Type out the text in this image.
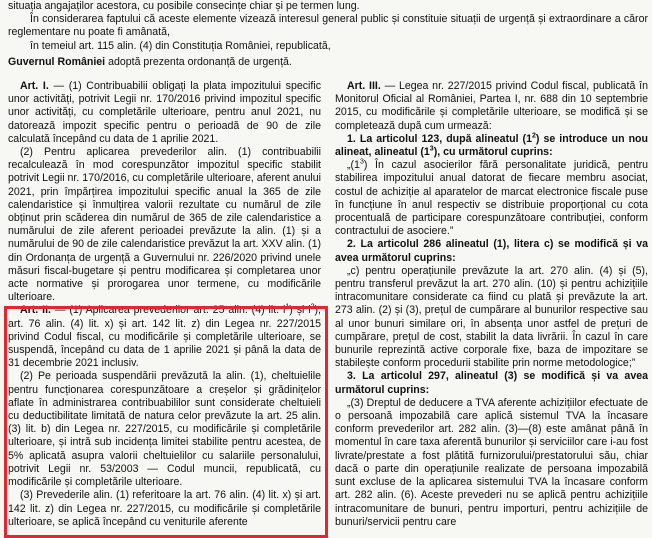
situația angajaților acestora, cu posibile consecințe chiar și pe termen lung.

În considerarea faptului că aceste elemente vizează interesul general public și constituie situații de urgență și extraordinare a căror reglementare nu poate fi amânată,

în temeiul art. 115 alin. (4) din Constituția României, republicată,

Guvernul României adoptă prezenta ordonanță de urgență.

Art. I. — (1) Contribuabilii obligați la plata impozitului specific unor activități, potrivit Legii nr. 170/2016 privind impozitul specific unor activități, cu completările ulterioare, pentru anul 2021, nu datorează impozit specific pentru o perioadă de 90 de zile calculată începând cu data de 1 aprilie 2021.

(2) Pentru aplicarea prevederilor alin. (1) contribuabilii recalculează în mod corespunzător impozitul specific stabilit potrivit Legii nr. 170/2016, cu completările ulterioare, aferent anului 2021, prin împărțirea impozitului specific anual la 365 de zile calendaristice și înmulțirea valorii rezultate cu numărul de zile obținut prin scăderea din numărul de 365 de zile calendaristice a numărului de zile aferent perioadei prevăzute la alin. (1) și a numărului de 90 de zile calendaristice prevăzut la art. XXV alin. (1) din Ordonanța de urgență a Guvernului nr. 226/2020 privind unele măsuri fiscal-bugetare și pentru modificarea și completarea unor acte normative și prorogarea unor termene, cu modificările ulterioare.

Art. II. — (1) Aplicarea prevederilor art. 25 alin. (4) lit. $i^1$) și $i^2$), art. 76 alin. (4) lit. x) și art. 142 lit. z) din Legea nr. 227/2015 privind Codul fiscal, cu modificările și completările ulterioare, se suspendă, începând cu data de 1 aprilie 2021 și până la data de 31 decembrie 2021 inclusiv.

(2) Pe perioada suspendării prevăzută la alin. (1), cheltuielile pentru funcționarea corespunzătoare a creșelor și grădinițelor aflate în administrarea contribuabililor sunt considerate cheltuieli cu deductibilitate limitată de natura celor prevăzute la art. 25 alin. (3) lit. b) din Legea nr. 227/2015, cu modificările și completările ulterioare, și intră sub incidența limitei stabilite pentru acestea, de 5% aplicată asupra valorii cheltuielilor cu salariile personalului, potrivit Legii nr. 53/2003 — Codul muncii, republicată, cu modificările și completările ulterioare.

(3) Prevederile alin. (1) referitoare la art. 76 alin. (4) lit. x) și art. 142 lit. z) din Legea nr. 227/2015, cu modificările și completările ulterioare, se aplică începând cu veniturile aferente

Art. III. — Legea nr. 227/2015 privind Codul fiscal, publicată în Monitorul Oficial al României, Partea I, nr. 688 din 10 septembrie 2015, cu modificările și completările ulterioare, se modifică și se completează după cum urmează:

1. La articolul 123, după alineatul $(1^2)$ se introduce un nou alineat, alineatul $(1^3)$, cu următorul cuprins:

$„(1^3)$ În cazul asocierilor fără personalitate juridică, pentru stabilirea impozitului anual datorat de fiecare membru asociat, costul de achiziție al aparatelor de marcat electronice fiscale puse în funcțiune în anul respectiv se distribuie proporțional cu cota procentuală de participare corespunzătoare contribuției, conform contractului de asociere.”

2. La articolul 286 alineatul (1), litera c) se modifică și va avea următorul cuprins:

„c) pentru operațiunile prevăzute la art. 270 alin. (4) și (5), pentru transferul prevăzut la art. 270 alin. (10) și pentru achizițiile intracomunitare considerate ca fiind cu plată și prevăzute la art. 273 alin. (2) și (3), prețul de cumpărare al bunurilor respective sau al unor bunuri similare ori, în absența unor astfel de prețuri de cumpărare, prețul de cost, stabilit la data livrării. În cazul în care bunurile reprezintă active corporale fixe, baza de impozitare se stabilește conform procedurii stabilite prin norme metodologice;”

3. La articolul 297, alineatul (3) se modifică și va avea următorul cuprins:

„(3) Dreptul de deducere a TVA aferente achizițiilor efectuate de o persoană impozabilă care aplică sistemul TVA la încasare conform prevederilor art. 282 alin. (3)—(8) este amânat până în momentul în care taxa aferentă bunurilor și serviciilor care i-au fost livrate/prestate a fost plătită furnizorului/prestatorului său, chiar dacă o parte din operațiunile realizate de persoana impozabilă sunt excluse de la aplicarea sistemului TVA la încasare conform art. 282 alin. (6). Aceste prevederi nu se aplică pentru achizițiile intracomunitare de bunuri, pentru importuri, pentru achizițiile de bunuri/servicii pentru care
